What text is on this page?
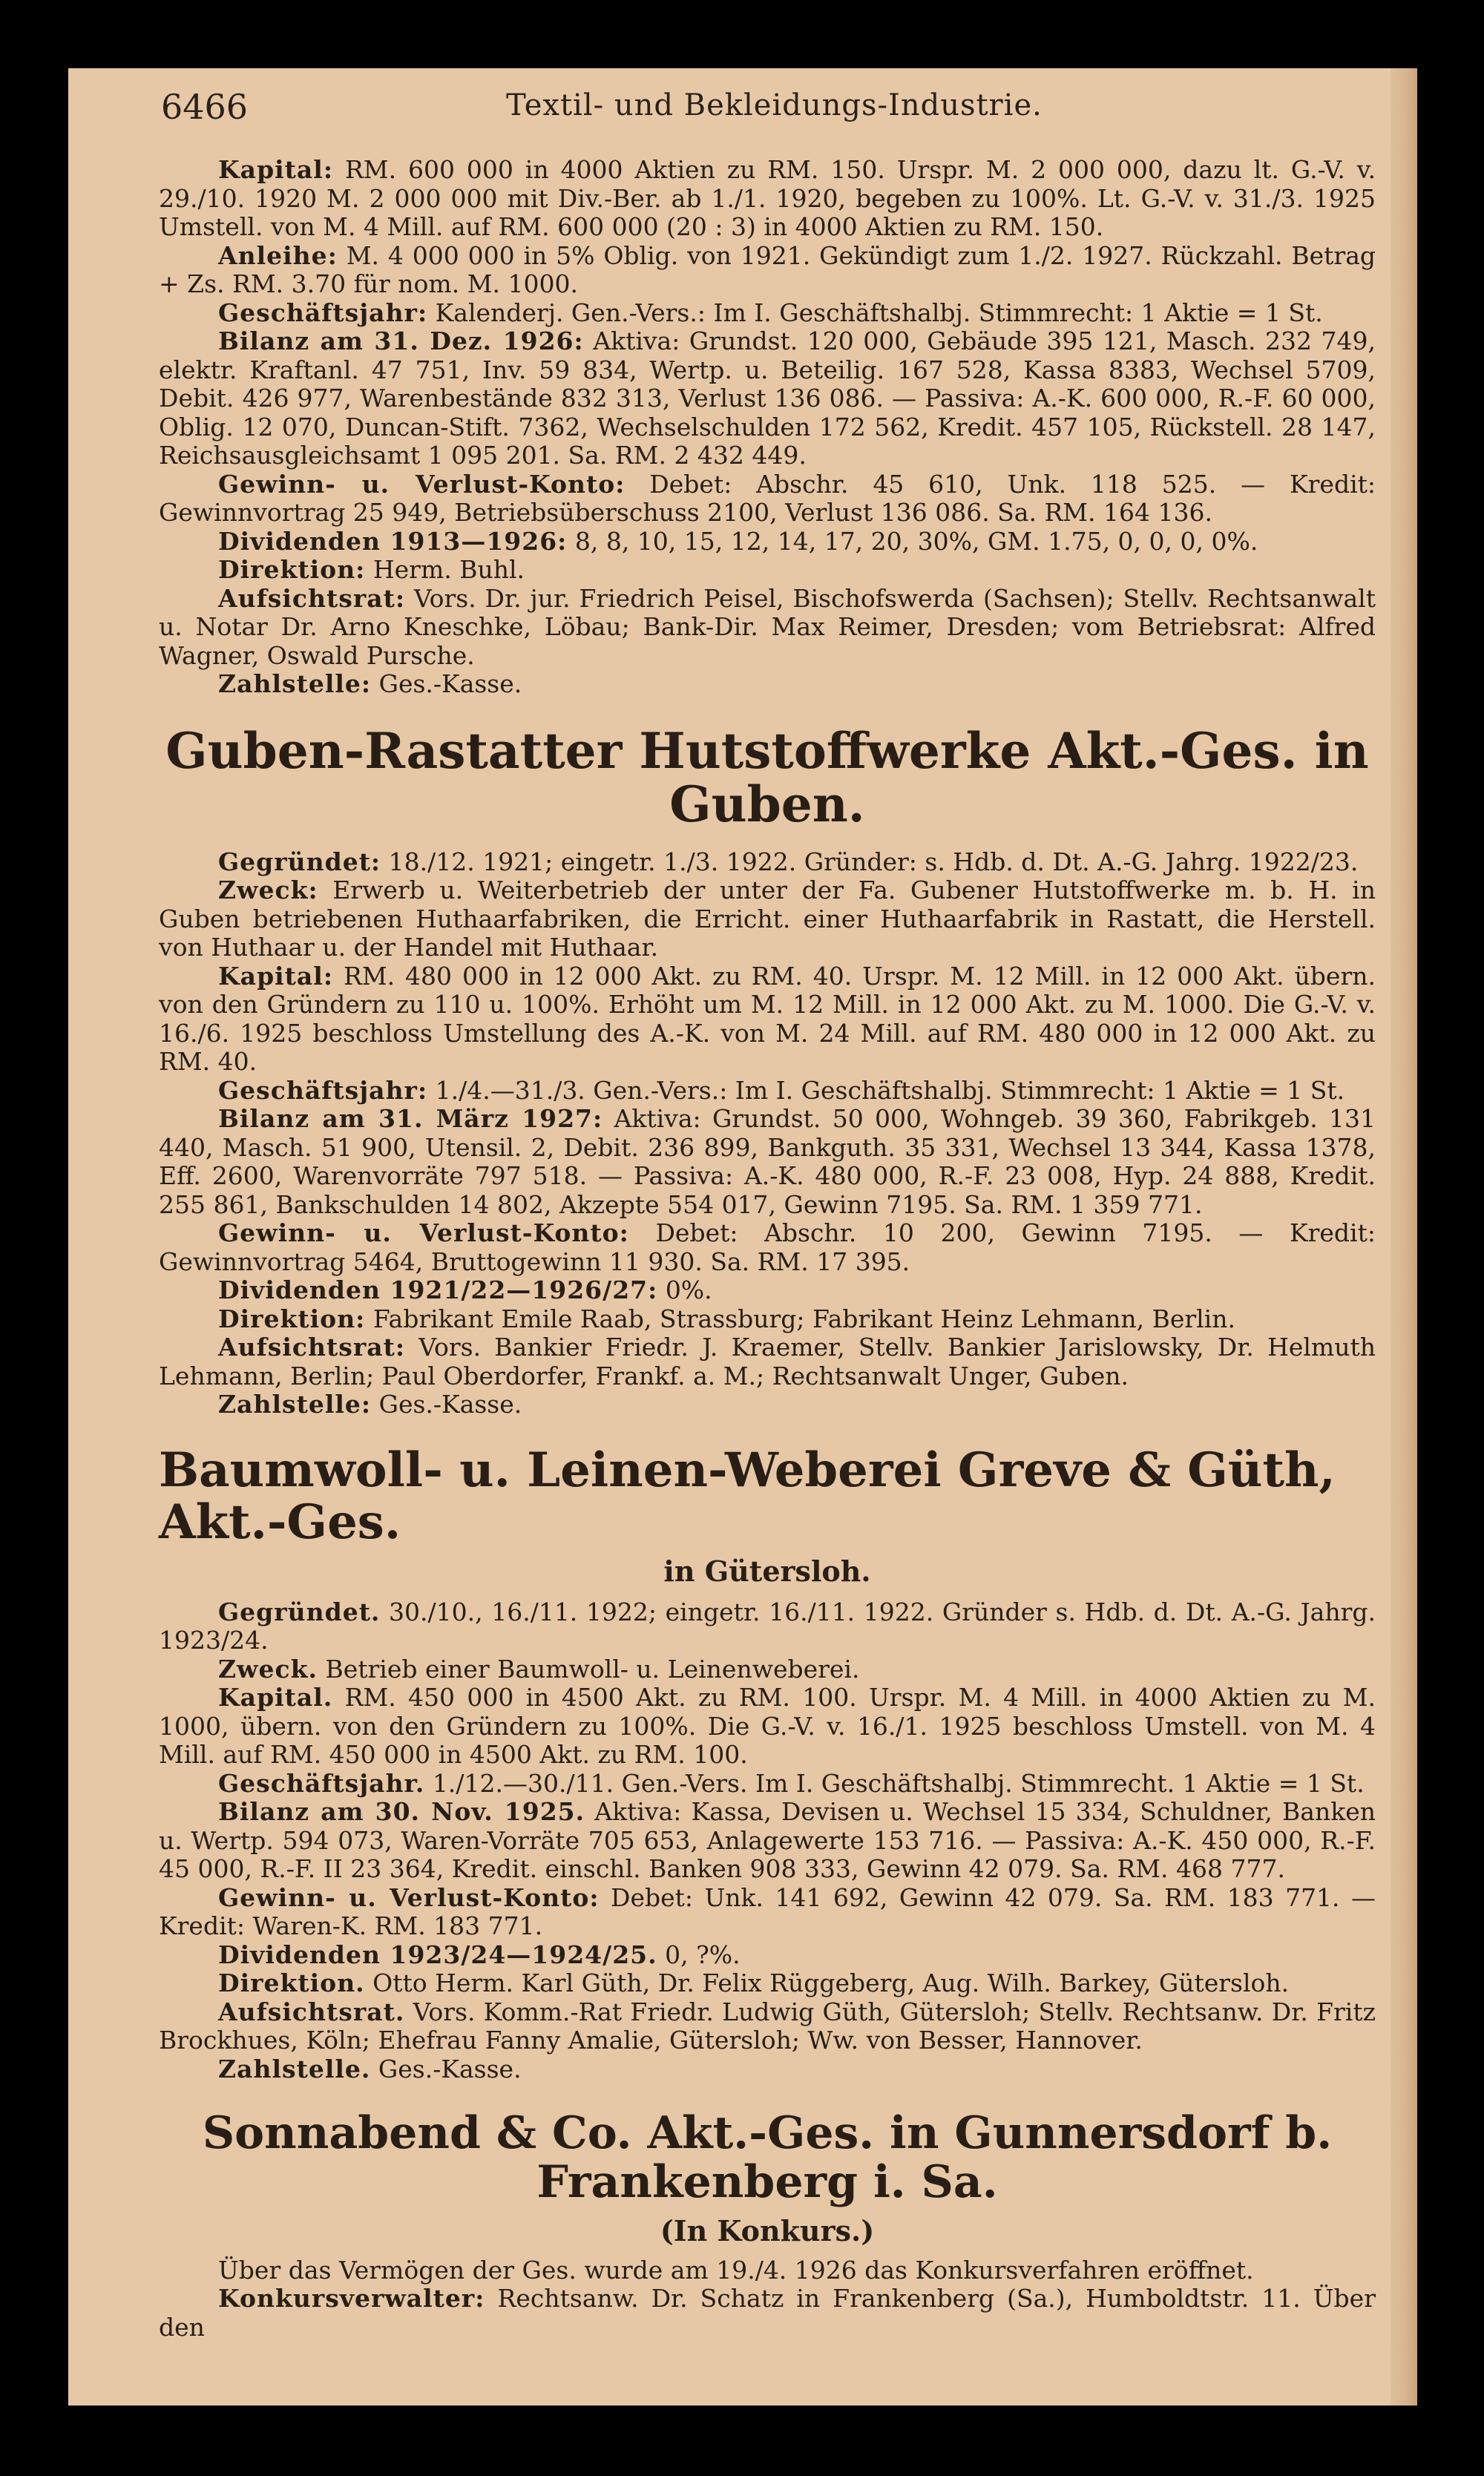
6466	Textil- und Bekleidungs-Industrie.

Kapital: RM. 600 000 in 4000 Aktien zu RM. 150. Urspr. M. 2 000 000, dazu lt. G.-V. v. 29./10. 1920 M. 2 000 000 mit Div.-Ber. ab 1./1. 1920, begeben zu 100%. Lt. G.-V. v. 31./3. 1925 Umstell. von M. 4 Mill. auf RM. 600 000 (20 : 3) in 4000 Aktien zu RM. 150.

Anleihe: M. 4 000 000 in 5% Oblig. von 1921. Gekündigt zum 1./2. 1927. Rückzahl. Betrag + Zs. RM. 3.70 für nom. M. 1000.

Geschäftsjahr: Kalenderj. Gen.-Vers.: Im I. Geschäftshalbj. Stimmrecht: 1 Aktie = 1 St.

Bilanz am 31. Dez. 1926: Aktiva: Grundst. 120 000, Gebäude 395 121, Masch. 232 749, elektr. Kraftanl. 47 751, Inv. 59 834, Wertp. u. Beteilig. 167 528, Kassa 8383, Wechsel 5709, Debit. 426 977, Warenbestände 832 313, Verlust 136 086. — Passiva: A.-K. 600 000, R.-F. 60 000, Oblig. 12 070, Duncan-Stift. 7362, Wechselschulden 172 562, Kredit. 457 105, Rückstell. 28 147, Reichsausgleichsamt 1 095 201. Sa. RM. 2 432 449.

Gewinn- u. Verlust-Konto: Debet: Abschr. 45 610, Unk. 118 525. — Kredit: Gewinnvortrag 25 949, Betriebsüberschuss 2100, Verlust 136 086. Sa. RM. 164 136.

Dividenden 1913—1926: 8, 8, 10, 15, 12, 14, 17, 20, 30%, GM. 1.75, 0, 0, 0, 0%.

Direktion: Herm. Buhl.

Aufsichtsrat: Vors. Dr. jur. Friedrich Peisel, Bischofswerda (Sachsen); Stellv. Rechtsanwalt u. Notar Dr. Arno Kneschke, Löbau; Bank-Dir. Max Reimer, Dresden; vom Betriebsrat: Alfred Wagner, Oswald Pursche.

Zahlstelle: Ges.-Kasse.

Guben-Rastatter Hutstoffwerke Akt.-Ges. in Guben.

Gegründet: 18./12. 1921; eingetr. 1./3. 1922. Gründer: s. Hdb. d. Dt. A.-G. Jahrg. 1922/23.

Zweck: Erwerb u. Weiterbetrieb der unter der Fa. Gubener Hutstoffwerke m. b. H. in Guben betriebenen Huthaarfabriken, die Erricht. einer Huthaarfabrik in Rastatt, die Herstell. von Huthaar u. der Handel mit Huthaar.

Kapital: RM. 480 000 in 12 000 Akt. zu RM. 40. Urspr. M. 12 Mill. in 12 000 Akt. übern. von den Gründern zu 110 u. 100%. Erhöht um M. 12 Mill. in 12 000 Akt. zu M. 1000. Die G.-V. v. 16./6. 1925 beschloss Umstellung des A.-K. von M. 24 Mill. auf RM. 480 000 in 12 000 Akt. zu RM. 40.

Geschäftsjahr: 1./4.—31./3. Gen.-Vers.: Im I. Geschäftshalbj. Stimmrecht: 1 Aktie = 1 St.

Bilanz am 31. März 1927: Aktiva: Grundst. 50 000, Wohngeb. 39 360, Fabrikgeb. 131 440, Masch. 51 900, Utensil. 2, Debit. 236 899, Bankguth. 35 331, Wechsel 13 344, Kassa 1378, Eff. 2600, Warenvorräte 797 518. — Passiva: A.-K. 480 000, R.-F. 23 008, Hyp. 24 888, Kredit. 255 861, Bankschulden 14 802, Akzepte 554 017, Gewinn 7195. Sa. RM. 1 359 771.

Gewinn- u. Verlust-Konto: Debet: Abschr. 10 200, Gewinn 7195. — Kredit: Gewinnvortrag 5464, Bruttogewinn 11 930. Sa. RM. 17 395.

Dividenden 1921/22—1926/27: 0%.

Direktion: Fabrikant Emile Raab, Strassburg; Fabrikant Heinz Lehmann, Berlin.

Aufsichtsrat: Vors. Bankier Friedr. J. Kraemer, Stellv. Bankier Jarislowsky, Dr. Helmuth Lehmann, Berlin; Paul Oberdorfer, Frankf. a. M.; Rechtsanwalt Unger, Guben.

Zahlstelle: Ges.-Kasse.

Baumwoll- u. Leinen-Weberei Greve & Güth, Akt.-Ges.
in Gütersloh.

Gegründet. 30./10., 16./11. 1922; eingetr. 16./11. 1922. Gründer s. Hdb. d. Dt. A.-G. Jahrg. 1923/24.

Zweck. Betrieb einer Baumwoll- u. Leinenweberei.

Kapital. RM. 450 000 in 4500 Akt. zu RM. 100. Urspr. M. 4 Mill. in 4000 Aktien zu M. 1000, übern. von den Gründern zu 100%. Die G.-V. v. 16./1. 1925 beschloss Umstell. von M. 4 Mill. auf RM. 450 000 in 4500 Akt. zu RM. 100.

Geschäftsjahr. 1./12.—30./11. Gen.-Vers. Im I. Geschäftshalbj. Stimmrecht. 1 Aktie = 1 St.

Bilanz am 30. Nov. 1925. Aktiva: Kassa, Devisen u. Wechsel 15 334, Schuldner, Banken u. Wertp. 594 073, Waren-Vorräte 705 653, Anlagewerte 153 716. — Passiva: A.-K. 450 000, R.-F. 45 000, R.-F. II 23 364, Kredit. einschl. Banken 908 333, Gewinn 42 079. Sa. RM. 468 777.

Gewinn- u. Verlust-Konto: Debet: Unk. 141 692, Gewinn 42 079. Sa. RM. 183 771. — Kredit: Waren-K. RM. 183 771.

Dividenden 1923/24—1924/25. 0, ?%.

Direktion. Otto Herm. Karl Güth, Dr. Felix Rüggeberg, Aug. Wilh. Barkey, Gütersloh.

Aufsichtsrat. Vors. Komm.-Rat Friedr. Ludwig Güth, Gütersloh; Stellv. Rechtsanw. Dr. Fritz Brockhues, Köln; Ehefrau Fanny Amalie, Gütersloh; Ww. von Besser, Hannover.

Zahlstelle. Ges.-Kasse.

Sonnabend & Co. Akt.-Ges. in Gunnersdorf b. Frankenberg i. Sa.
(In Konkurs.)

Über das Vermögen der Ges. wurde am 19./4. 1926 das Konkursverfahren eröffnet.

Konkursverwalter: Rechtsanw. Dr. Schatz in Frankenberg (Sa.), Humboldtstr. 11. Über den
